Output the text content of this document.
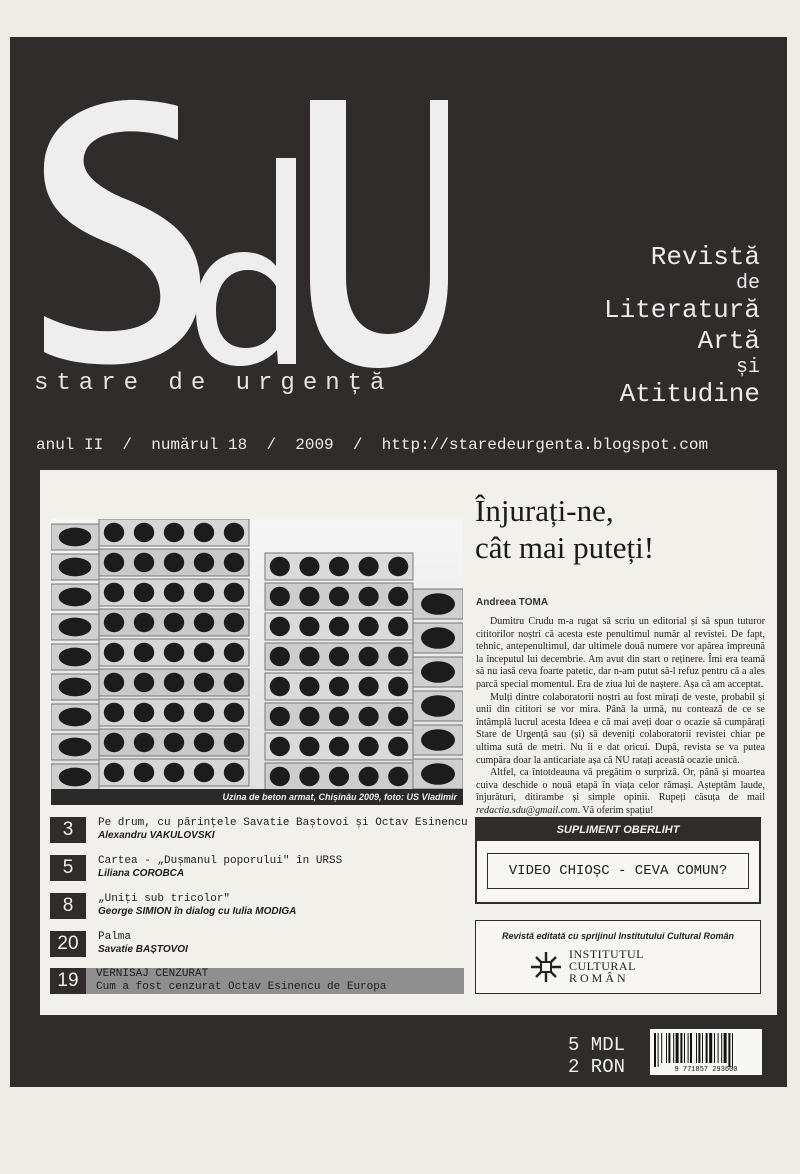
stare de urgență
Revistă
de
Literatură
Artă
și
Atitudine
anul II  /  numărul 18  /  2009  /  http://staredeurgenta.blogspot.com
Uzina de beton armat, Chișinău 2009, foto: US Vladimir
Înjurați-ne,
cât mai puteți!
Andreea TOMA

Dumitru Crudu m-a rugat să scriu un editorial și să spun tuturor cititorilor noștri că acesta este penultimul număr al revistei. De fapt, tehnic, antepenultimul, dar ultimele două numere vor apărea împreună la începutul lui decembrie. Am avut din start o reținere. Îmi era teamă să nu iasă ceva foarte patetic, dar n-am putut să-l refuz pentru că a ales parcă special momentul. Era de ziua lui de naștere. Așa că am acceptat.

Mulți dintre colaboratorii noștri au fost mirați de veste, probabil și unii din cititori se vor mira. Până la urmă, nu contează de ce se întâmplă lucrul acesta Ideea e că mai aveți doar o ocazie să cumpărați Stare de Urgență sau (și) să deveniți colaboratorii revistei chiar pe ultima sută de metri. Nu îi e dat oricui. După, revista se va putea cumpăra doar la anticariate așa că NU ratați această ocazie unică.

Altfel, ca întotdeauna vă pregătim o surpriză. Or, până și moartea cuiva deschide o nouă etapă în viața celor rămași. Așteptăm laude, înjurături, ditirambe și simple opinii. Rupeți căsuța de mail redactia.sdu@gmail.com. Vă oferim spațiu!

3	Pe drum, cu părințele Savatie Baștovoi și Octav Esinencu
Alexandru VAKULOVSKI
5	Cartea - „Dușmanul poporului" în URSS
Liliana COROBCA
8	„Uniți sub tricolor"
George SIMION în dialog cu Iulia MODIGA
20	Palma
Savatie BAȘTOVOI
19	VERNISAJ CENZURAT
Cum a fost cenzurat Octav Esinencu de Europa
SUPLIMENT OBERLIHT
VIDEO CHIOȘC - CEVA COMUN?
Revistă editată cu sprijinul Institutului Cultural Român
INSTITUTUL
CULTURAL
ROMÂN
5 MDL
2 RON	9 771857 293600
